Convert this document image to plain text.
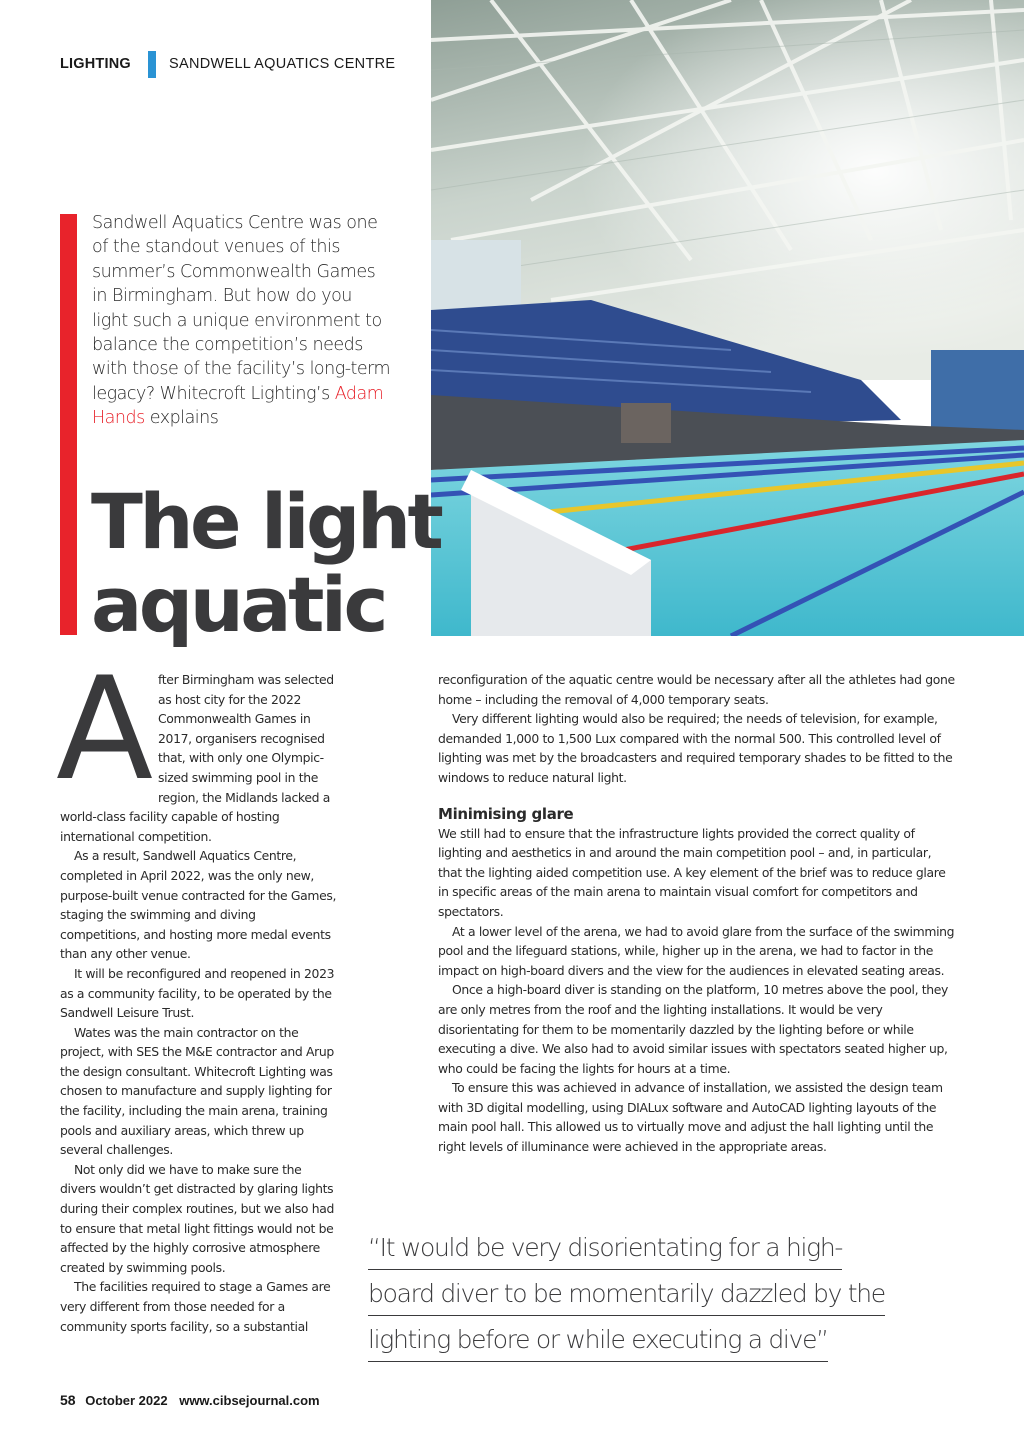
LIGHTING	SANDWELL AQUATICS CENTRE
Sandwell Aquatics Centre was one of the standout venues of this summer’s Commonwealth Games in Birmingham. But how do you light such a unique environment to balance the competition’s needs with those of the facility’s long-term legacy? Whitecroft Lighting’s Adam Hands explains
The light
aquatic
A fter Birmingham was selected as host city for the 2022 Commonwealth Games in 2017, organisers recognised that, with only one Olympic-sized swimming pool in the region, the Midlands lacked a world-class facility capable of hosting international competition.

As a result, Sandwell Aquatics Centre, completed in April 2022, was the only new, purpose-built venue contracted for the Games, staging the swimming and diving competitions, and hosting more medal events than any other venue.

It will be reconfigured and reopened in 2023 as a community facility, to be operated by the Sandwell Leisure Trust.

Wates was the main contractor on the project, with SES the M&E contractor and Arup the design consultant. Whitecroft Lighting was chosen to manufacture and supply lighting for the facility, including the main arena, training pools and auxiliary areas, which threw up several challenges.

Not only did we have to make sure the divers wouldn’t get distracted by glaring lights during their complex routines, but we also had to ensure that metal light fittings would not be affected by the highly corrosive atmosphere created by swimming pools.

The facilities required to stage a Games are very different from those needed for a community sports facility, so a substantial

reconfiguration of the aquatic centre would be necessary after all the athletes had gone home – including the removal of 4,000 temporary seats.

Very different lighting would also be required; the needs of television, for example, demanded 1,000 to 1,500 Lux compared with the normal 500. This controlled level of lighting was met by the broadcasters and required temporary shades to be fitted to the windows to reduce natural light.

Minimising glare

We still had to ensure that the infrastructure lights provided the correct quality of lighting and aesthetics in and around the main competition pool – and, in particular, that the lighting aided competition use. A key element of the brief was to reduce glare in specific areas of the main arena to maintain visual comfort for competitors and spectators.

At a lower level of the arena, we had to avoid glare from the surface of the swimming pool and the lifeguard stations, while, higher up in the arena, we had to factor in the impact on high-board divers and the view for the audiences in elevated seating areas.

Once a high-board diver is standing on the platform, 10 metres above the pool, they are only metres from the roof and the lighting installations. It would be very disorientating for them to be momentarily dazzled by the lighting before or while executing a dive. We also had to avoid similar issues with spectators seated higher up, who could be facing the lights for hours at a time.

To ensure this was achieved in advance of installation, we assisted the design team with 3D digital modelling, using DIALux software and AutoCAD lighting layouts of the main pool hall. This allowed us to virtually move and adjust the hall lighting until the right levels of illuminance were achieved in the appropriate areas.

“It would be very disorientating for a high-
board diver to be momentarily dazzled by the
lighting before or while executing a dive”
58 October 2022 www.cibsejournal.com
